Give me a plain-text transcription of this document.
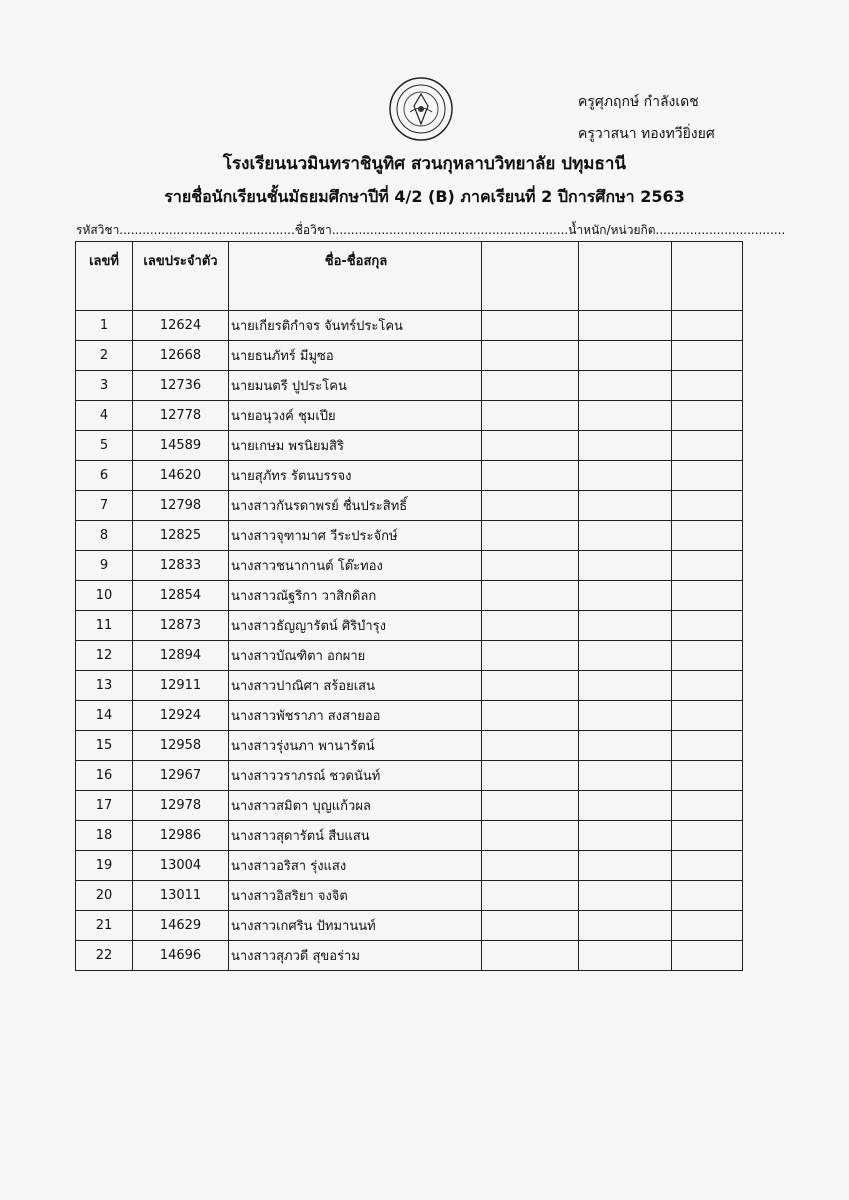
ครูศุภฤกษ์ กำลังเดช
ครูวาสนา ทองทวียิ่งยศ
โรงเรียนนวมินทราชินูทิศ สวนกุหลาบวิทยาลัย ปทุมธานี
รายชื่อนักเรียนชั้นมัธยมศึกษาปีที่ 4/2 (B) ภาคเรียนที่ 2 ปีการศึกษา 2563
รหัสวิชา..............................................ชื่อวิชา..............................................................น้ำหนัก/หน่วยกิต..................................
เลขที่	เลขประจำตัว	ชื่อ-ชื่อสกุล			
1	12624	นายเกียรติกำจร จันทร์ประโคน			
2	12668	นายธนภัทร์ มีมูซอ			
3	12736	นายมนตรี ปูประโคน			
4	12778	นายอนุวงค์ ชุมเปีย			
5	14589	นายเกษม พรนิยมสิริ			
6	14620	นายสุภัทร รัตนบรรจง			
7	12798	นางสาวกันรดาพรย์ ชื่นประสิทธิ์			
8	12825	นางสาวจุฑามาศ วีระประจักษ์			
9	12833	นางสาวชนากานต์ โต๊ะทอง			
10	12854	นางสาวณัฐริกา วาสิกดิลก			
11	12873	นางสาวธัญญารัตน์ ศิริบำรุง			
12	12894	นางสาวบัณฑิตา อกผาย			
13	12911	นางสาวปาณิศา สร้อยเสน			
14	12924	นางสาวพัชราภา สงสายออ			
15	12958	นางสาวรุ่งนภา พานารัตน์			
16	12967	นางสาววราภรณ์ ชวดนันท์			
17	12978	นางสาวสมิตา บุญแก้วผล			
18	12986	นางสาวสุดารัตน์ สืบแสน			
19	13004	นางสาวอริสา รุ่งแสง			
20	13011	นางสาวอิสริยา จงจิต			
21	14629	นางสาวเกศริน ปัทมานนท์			
22	14696	นางสาวสุภวดี สุขอร่าม			
